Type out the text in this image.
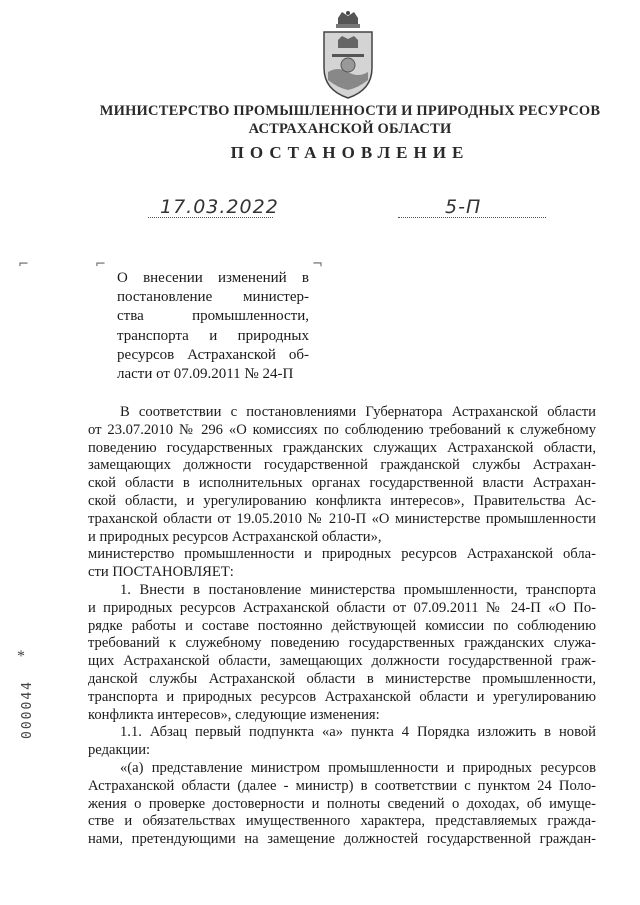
МИНИСТЕРСТВО ПРОМЫШЛЕННОСТИ И ПРИРОДНЫХ РЕСУРСОВ
АСТРАХАНСКОЙ ОБЛАСТИ
ПОСТАНОВЛЕНИЕ
17.03.2022	5-П
⌐	⌐	¬
О внесении изменений в
постановление министер-
ства промышленности,
транспорта и природных
ресурсов Астраханской об-
ласти от 07.09.2011 № 24-П
В соответствии с постановлениями Губернатора Астраханской области
от 23.07.2010 № 296 «О комиссиях по соблюдению требований к служебному
поведению государственных гражданских служащих Астраханской области,
замещающих должности государственной гражданской службы Астрахан-
ской области в исполнительных органах государственной власти Астрахан-
ской области, и урегулированию конфликта интересов», Правительства Ас-
траханской области от 19.05.2010 № 210-П «О министерстве промышленности
и природных ресурсов Астраханской области»,
министерство промышленности и природных ресурсов Астраханской обла-
сти ПОСТАНОВЛЯЕТ:
1. Внести в постановление министерства промышленности, транспорта
и природных ресурсов Астраханской области от 07.09.2011 № 24-П «О По-
рядке работы и составе постоянно действующей комиссии по соблюдению
требований к служебному поведению государственных гражданских служа-
щих Астраханской области, замещающих должности государственной граж-
данской службы Астраханской области в министерстве промышленности,
транспорта и природных ресурсов Астраханской области и урегулированию
конфликта интересов», следующие изменения:
1.1. Абзац первый подпункта «а» пункта 4 Порядка изложить в новой
редакции:
«(а) представление министром промышленности и природных ресурсов
Астраханской области (далее - министр) в соответствии с пунктом 24 Поло-
жения о проверке достоверности и полноты сведений о доходах, об имуще-
стве и обязательствах имущественного характера, представляемых гражда-
нами, претендующими на замещение должностей государственной граждан-
*
000044
